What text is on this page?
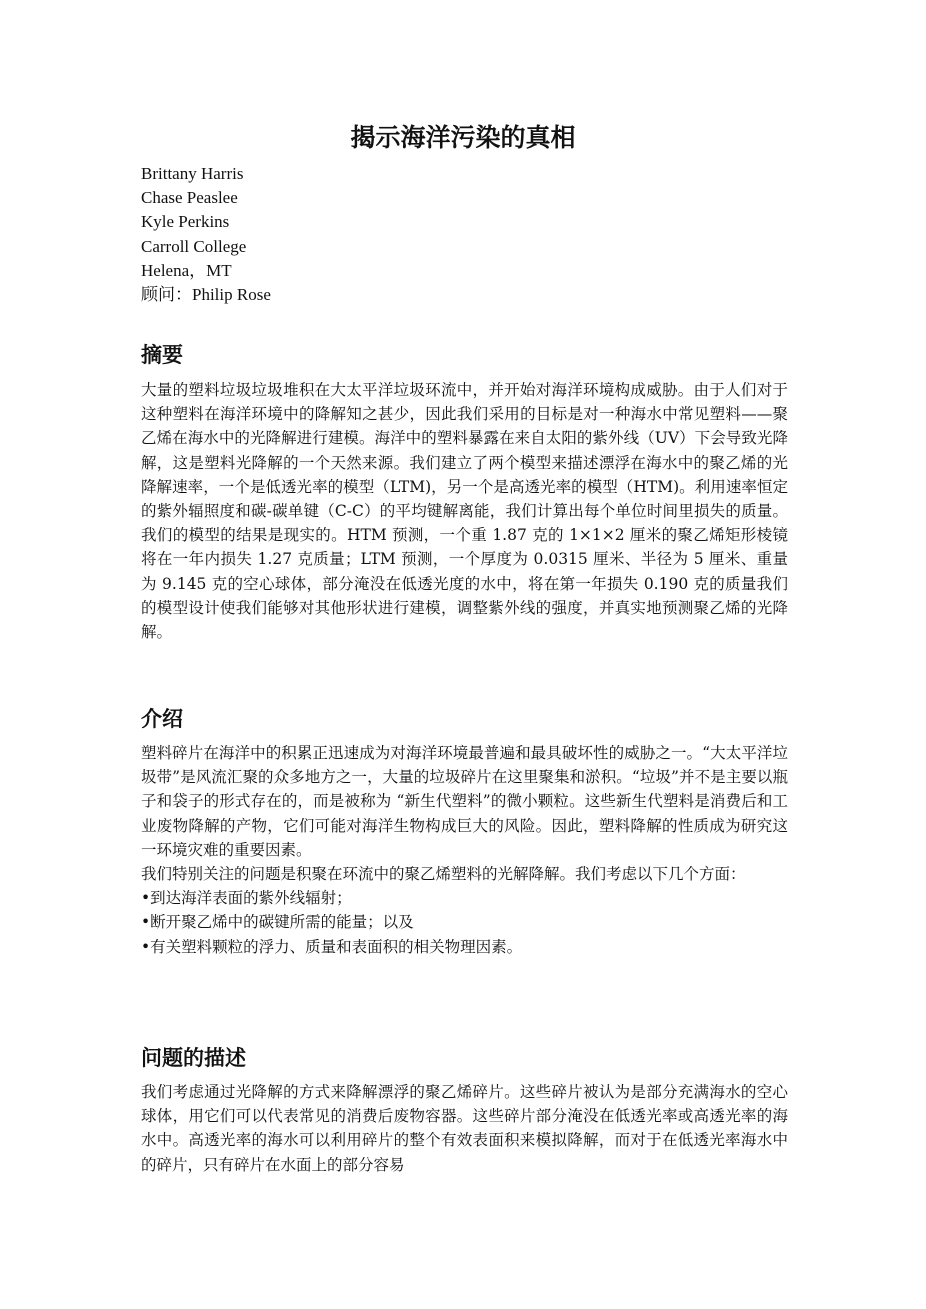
揭示海洋污染的真相
Brittany Harris
Chase Peaslee
Kyle Perkins
Carroll College
Helena，MT
顾问：Philip Rose
摘要

大量的塑料垃圾垃圾堆积在大太平洋垃圾环流中，并开始对海洋环境构成威胁。由于人们对于这种塑料在海洋环境中的降解知之甚少，因此我们采用的目标是对一种海水中常见塑料——聚乙烯在海水中的光降解进行建模。海洋中的塑料暴露在来自太阳的紫外线（UV）下会导致光降解，这是塑料光降解的一个天然来源。我们建立了两个模型来描述漂浮在海水中的聚乙烯的光降解速率，一个是低透光率的模型（LTM)，另一个是高透光率的模型（HTM)。利用速率恒定的紫外辐照度和碳-碳单键（C-C）的平均键解离能，我们计算出每个单位时间里损失的质量。我们的模型的结果是现实的。HTM 预测，一个重 1.87 克的 1×1×2 厘米的聚乙烯矩形棱镜将在一年内损失 1.27 克质量；LTM 预测，一个厚度为 0.0315 厘米、半径为 5 厘米、重量为 9.145 克的空心球体，部分淹没在低透光度的水中，将在第一年损失 0.190 克的质量我们的模型设计使我们能够对其他形状进行建模，调整紫外线的强度，并真实地预测聚乙烯的光降解。

介绍

塑料碎片在海洋中的积累正迅速成为对海洋环境最普遍和最具破坏性的威胁之一。“大太平洋垃圾带”是风流汇聚的众多地方之一，大量的垃圾碎片在这里聚集和淤积。“垃圾”并不是主要以瓶子和袋子的形式存在的，而是被称为 “新生代塑料”的微小颗粒。这些新生代塑料是消费后和工业废物降解的产物，它们可能对海洋生物构成巨大的风险。因此，塑料降解的性质成为研究这一环境灾难的重要因素。

我们特别关注的问题是积聚在环流中的聚乙烯塑料的光解降解。我们考虑以下几个方面：

• 到达海洋表面的紫外线辐射；
• 断开聚乙烯中的碳键所需的能量；以及
• 有关塑料颗粒的浮力、质量和表面积的相关物理因素。
问题的描述

我们考虑通过光降解的方式来降解漂浮的聚乙烯碎片。这些碎片被认为是部分充满海水的空心球体，用它们可以代表常见的消费后废物容器。这些碎片部分淹没在低透光率或高透光率的海水中。高透光率的海水可以利用碎片的整个有效表面积来模拟降解，而对于在低透光率海水中的碎片，只有碎片在水面上的部分容易
